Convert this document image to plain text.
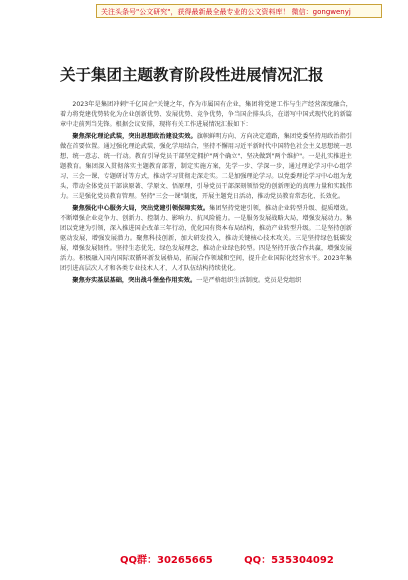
关注头条号"公文研究"，获得最新最全最专业的公文资料库！ 微信：gongwenyj
关于集团主题教育阶段性进展情况汇报

2023年是集团冲刺"千亿国企"关键之年，作为市属国有企业，集团将党建工作与生产经营深度融合，着力将党建优势转化为企业创新优势、发展优势、竞争优势，争当国企排头兵，在谱写中国式现代化的新篇章中走前列当先锋。根据会议安排，现将有关工作进展情况汇报如下：

聚焦深化理论武装，突出思想政治建设实效。旗帜鲜明方向、方向决定道路，集团党委坚持用政治指引做在首要位置。通过强化理论武装，强化学用结合，坚持不懈用习近平新时代中国特色社会主义思想统一思想、统一意志、统一行动。教育引导党员干部坚定拥护"两个确立"、坚决做到"两个维护"。一是扎实推进主题教育。集团深入贯彻落实主题教育部署，制定实施方案，先学一步、学深一步，通过理论学习中心组学习、三会一课、专题研讨等方式，推动学习贯彻走深走实。二是加强理论学习。以党委理论学习中心组为龙头，带动全体党员干部读原著、学原文、悟原理，引导党员干部深刻领悟党的创新理论的真理力量和实践伟力。三是强化党员教育管理。坚持"三会一课"制度，开展主题党日活动，推动党员教育常态化、长效化。

聚焦强化中心服务大局，突出党建引领保障实效。集团坚持党建引领，推动企业转型升级、提质增效。不断增强企业竞争力、创新力、控制力、影响力、抗风险能力。一是服务发展战略大局，增强发展动力。集团以党建为引领，深入推进国企改革三年行动，优化国有资本布局结构，推动产业转型升级。二是坚持创新驱动发展，增强发展潜力。聚焦科技创新，加大研发投入，推动关键核心技术攻关。三是坚持绿色低碳发展，增强发展韧性。坚持生态优先、绿色发展理念，推动企业绿色转型。四是坚持开放合作共赢，增强发展活力。积极融入国内国际双循环新发展格局，拓展合作领域和空间，提升企业国际化经营水平。2023年集团引进高层次人才和各类专业技术人才，人才队伍结构持续优化。

聚焦夯实基层基础，突出战斗堡垒作用实效。一是严格组织生活制度。党员是党组织

QQ群：30265665	QQ：535304092
